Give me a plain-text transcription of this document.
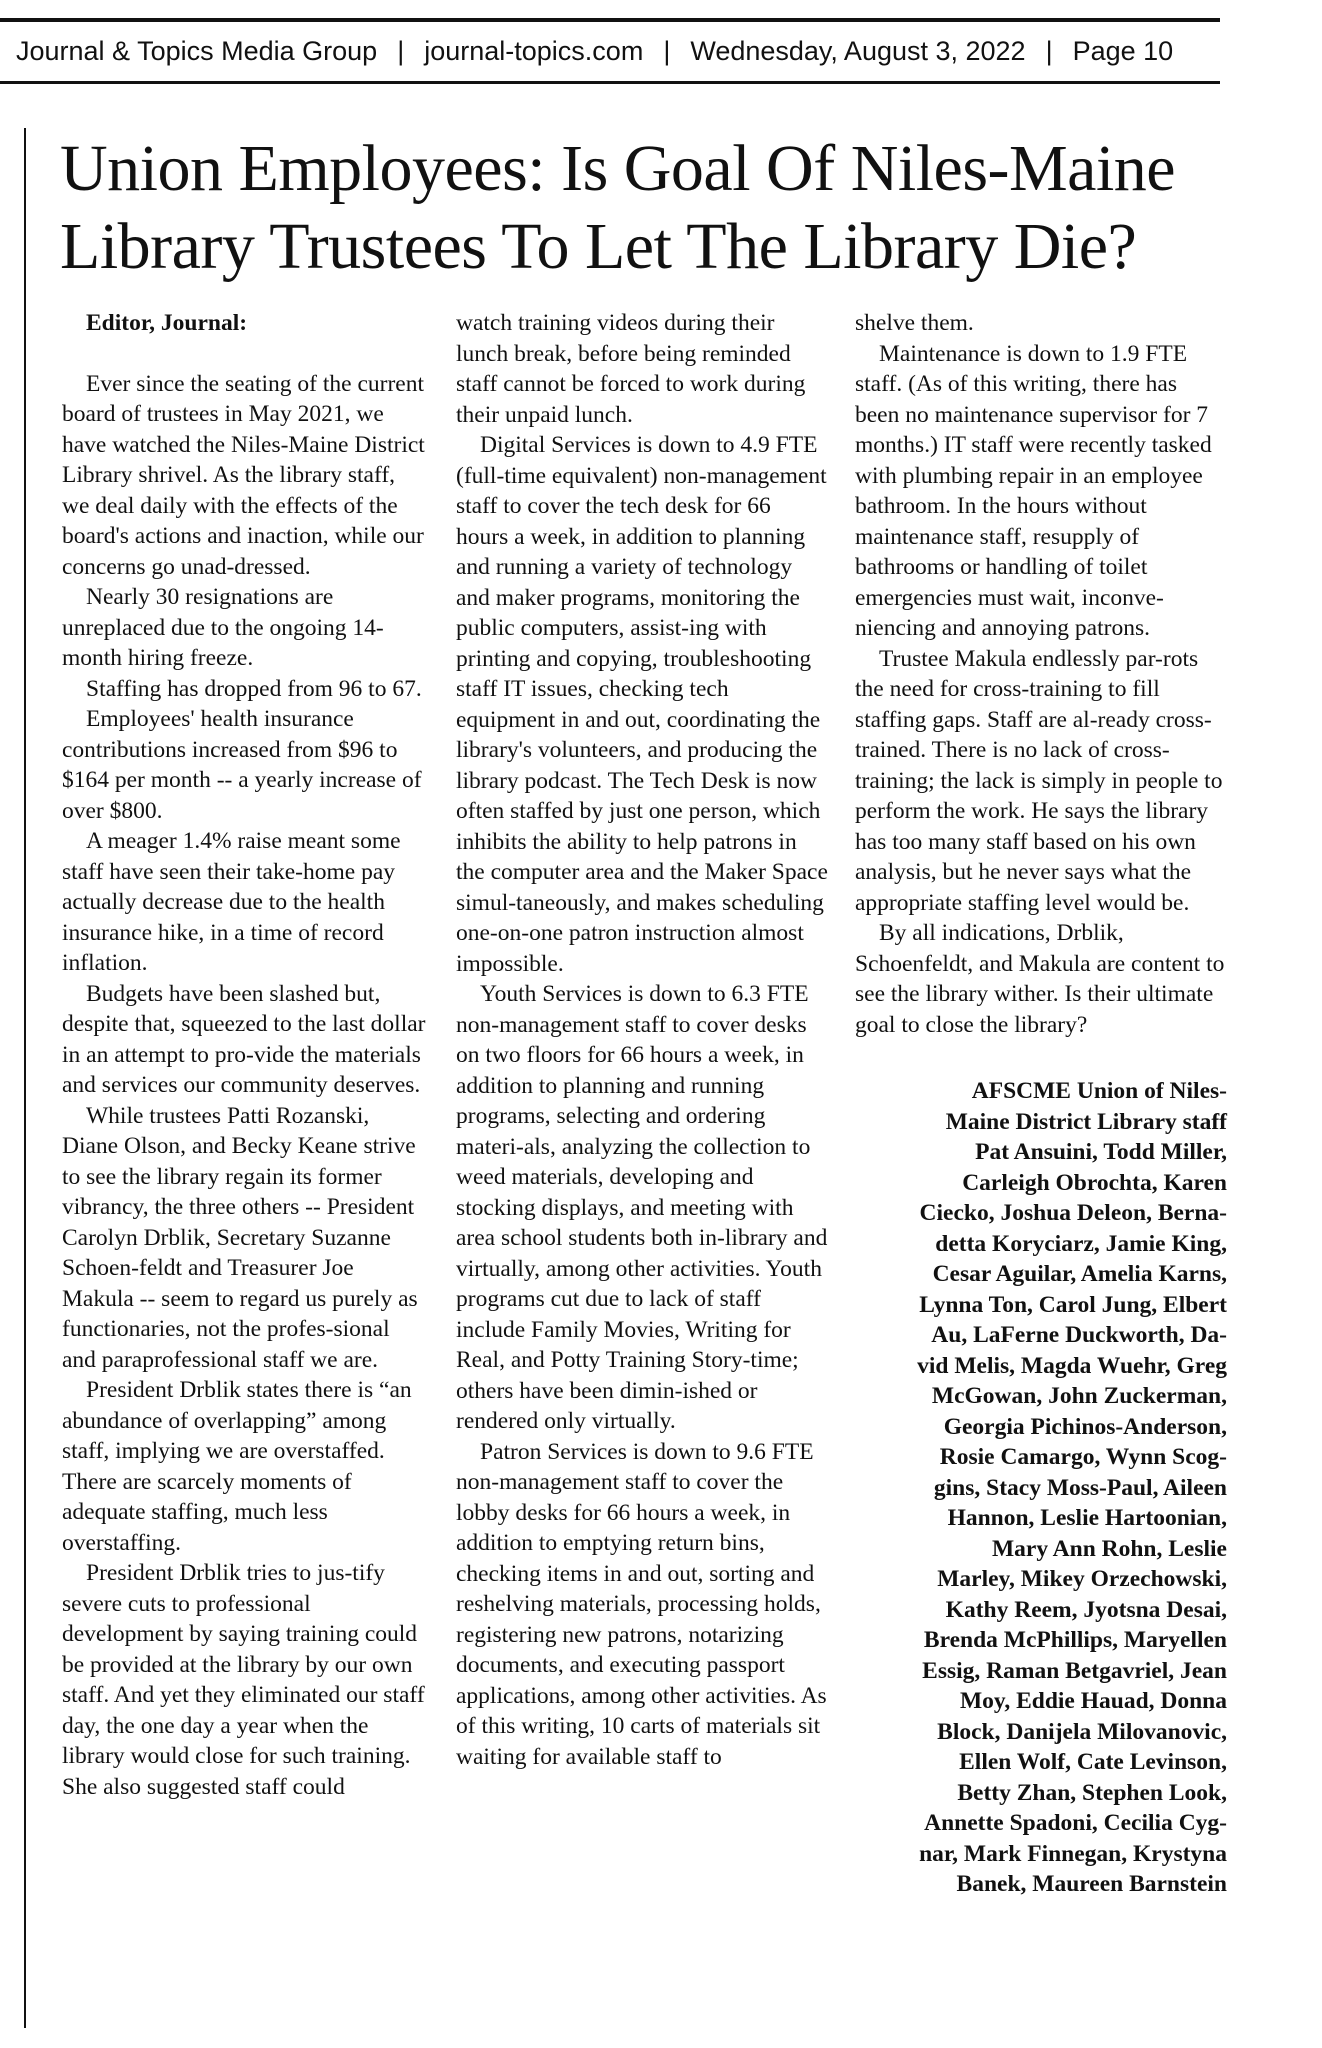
Journal & Topics Media Group | journal-topics.com | Wednesday, August 3, 2022 | Page 10
Union Employees: Is Goal Of Niles-Maine Library Trustees To Let The Library Die?

Editor, Journal:

Ever since the seating of the current board of trustees in May 2021, we have watched the Niles-Maine District Library shrivel. As the library staff, we deal daily with the effects of the board's actions and inaction, while our concerns go unad-dressed.

Nearly 30 resignations are unreplaced due to the ongoing 14-month hiring freeze.

Staffing has dropped from 96 to 67.

Employees' health insurance contributions increased from $96 to $164 per month -- a yearly increase of over $800.

A meager 1.4% raise meant some staff have seen their take-home pay actually decrease due to the health insurance hike, in a time of record inflation.

Budgets have been slashed but, despite that, squeezed to the last dollar in an attempt to pro-vide the materials and services our community deserves.

While trustees Patti Rozanski, Diane Olson, and Becky Keane strive to see the library regain its former vibrancy, the three others -- President Carolyn Drblik, Secretary Suzanne Schoen-feldt and Treasurer Joe Makula -- seem to regard us purely as functionaries, not the profes-sional and paraprofessional staff we are.

President Drblik states there is “an abundance of overlapping” among staff, implying we are overstaffed. There are scarcely moments of adequate staffing, much less overstaffing.

President Drblik tries to jus-tify severe cuts to professional development by saying training could be provided at the library by our own staff. And yet they eliminated our staff day, the one day a year when the library would close for such training. She also suggested staff could

watch training videos during their lunch break, before being reminded staff cannot be forced to work during their unpaid lunch.

Digital Services is down to 4.9 FTE (full-time equivalent) non-management staff to cover the tech desk for 66 hours a week, in addition to planning and running a variety of technology and maker programs, monitoring the public computers, assist-ing with printing and copying, troubleshooting staff IT issues, checking tech equipment in and out, coordinating the library's volunteers, and producing the library podcast. The Tech Desk is now often staffed by just one person, which inhibits the ability to help patrons in the computer area and the Maker Space simul-taneously, and makes scheduling one-on-one patron instruction almost impossible.

Youth Services is down to 6.3 FTE non-management staff to cover desks on two floors for 66 hours a week, in addition to planning and running programs, selecting and ordering materi-als, analyzing the collection to weed materials, developing and stocking displays, and meeting with area school students both in-library and virtually, among other activities. Youth programs cut due to lack of staff include Family Movies, Writing for Real, and Potty Training Story-time; others have been dimin-ished or rendered only virtually.

Patron Services is down to 9.6 FTE non-management staff to cover the lobby desks for 66 hours a week, in addition to emptying return bins, checking items in and out, sorting and reshelving materials, processing holds, registering new patrons, notarizing documents, and executing passport applications, among other activities. As of this writing, 10 carts of materials sit waiting for available staff to

shelve them.

Maintenance is down to 1.9 FTE staff. (As of this writing, there has been no maintenance supervisor for 7 months.) IT staff were recently tasked with plumbing repair in an employee bathroom. In the hours without maintenance staff, resupply of bathrooms or handling of toilet emergencies must wait, inconve-niencing and annoying patrons.

Trustee Makula endlessly par-rots the need for cross-training to fill staffing gaps. Staff are al-ready cross-trained. There is no lack of cross-training; the lack is simply in people to perform the work. He says the library has too many staff based on his own analysis, but he never says what the appropriate staffing level would be.

By all indications, Drblik, Schoenfeldt, and Makula are content to see the library wither. Is their ultimate goal to close the library?

AFSCME Union of Niles-
Maine District Library staff
Pat Ansuini, Todd Miller,
Carleigh Obrochta, Karen
Ciecko, Joshua Deleon, Berna-
detta Koryciarz, Jamie King,
Cesar Aguilar, Amelia Karns,
Lynna Ton, Carol Jung, Elbert
Au, LaFerne Duckworth, Da-
vid Melis, Magda Wuehr, Greg
McGowan, John Zuckerman,
Georgia Pichinos-Anderson,
Rosie Camargo, Wynn Scog-
gins, Stacy Moss-Paul, Aileen
Hannon, Leslie Hartoonian,
Mary Ann Rohn, Leslie
Marley, Mikey Orzechowski,
Kathy Reem, Jyotsna Desai,
Brenda McPhillips, Maryellen
Essig, Raman Betgavriel, Jean
Moy, Eddie Hauad, Donna
Block, Danijela Milovanovic,
Ellen Wolf, Cate Levinson,
Betty Zhan, Stephen Look,
Annette Spadoni, Cecilia Cyg-
nar, Mark Finnegan, Krystyna
Banek, Maureen Barnstein
